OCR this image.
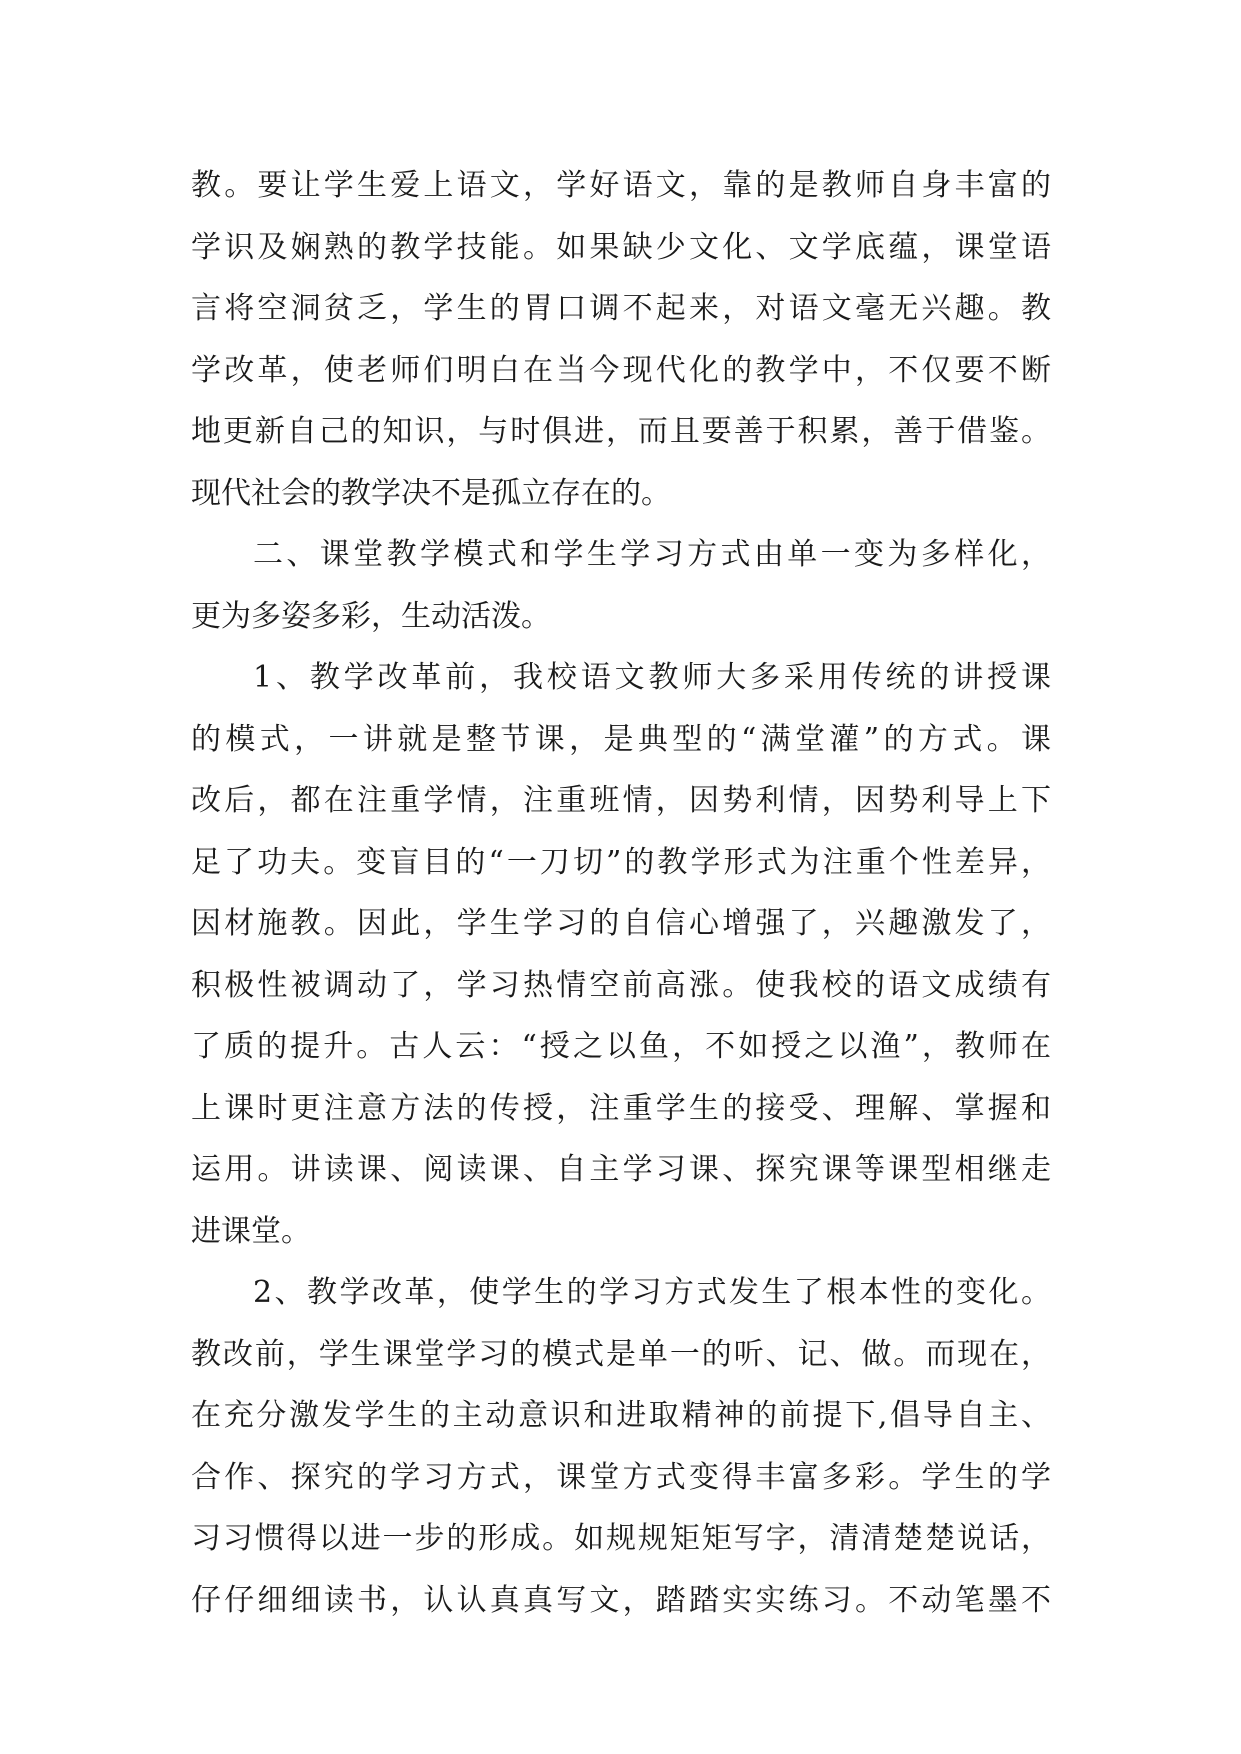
教。要让学生爱上语文，学好语文，靠的是教师自身丰富的
学识及娴熟的教学技能。如果缺少文化、文学底蕴，课堂语
言将空洞贫乏，学生的胃口调不起来，对语文毫无兴趣。教
学改革，使老师们明白在当今现代化的教学中，不仅要不断
地更新自己的知识，与时俱进，而且要善于积累，善于借鉴。
现代社会的教学决不是孤立存在的。
二、课堂教学模式和学生学习方式由单一变为多样化，
更为多姿多彩，生动活泼。
1、教学改革前，我校语文教师大多采用传统的讲授课
的模式，一讲就是整节课，是典型的“满堂灌”的方式。课
改后，都在注重学情，注重班情，因势利情，因势利导上下
足了功夫。变盲目的“一刀切”的教学形式为注重个性差异，
因材施教。因此，学生学习的自信心增强了，兴趣激发了，
积极性被调动了，学习热情空前高涨。使我校的语文成绩有
了质的提升。古人云：“授之以鱼，不如授之以渔”，教师在
上课时更注意方法的传授，注重学生的接受、理解、掌握和
运用。讲读课、阅读课、自主学习课、探究课等课型相继走
进课堂。
2、教学改革，使学生的学习方式发生了根本性的变化。
教改前，学生课堂学习的模式是单一的听、记、做。而现在，
在充分激发学生的主动意识和进取精神的前提下,倡导自主、
合作、探究的学习方式，课堂方式变得丰富多彩。学生的学
习习惯得以进一步的形成。如规规矩矩写字，清清楚楚说话，
仔仔细细读书，认认真真写文，踏踏实实练习。不动笔墨不
